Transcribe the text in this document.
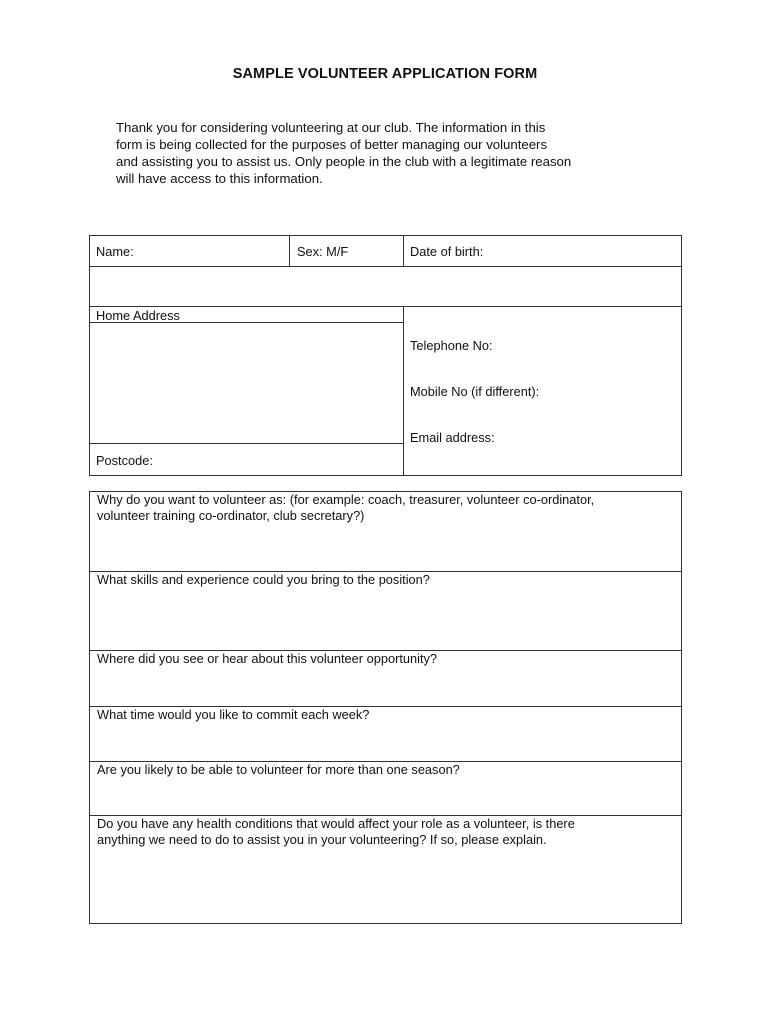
SAMPLE VOLUNTEER APPLICATION FORM
Thank you for considering volunteering at our club. The information in this
form is being collected for the purposes of better managing our volunteers
and assisting you to assist us. Only people in the club with a legitimate reason
will have access to this information.
Name:	Sex: M/F	Date of birth:
Home Address
Postcode:
Telephone No:
Mobile No (if different):
Email address:
Why do you want to volunteer as: (for example: coach, treasurer, volunteer co-ordinator,
volunteer training co-ordinator, club secretary?)
What skills and experience could you bring to the position?
Where did you see or hear about this volunteer opportunity?
What time would you like to commit each week?
Are you likely to be able to volunteer for more than one season?
Do you have any health conditions that would affect your role as a volunteer, is there
anything we need to do to assist you in your volunteering? If so, please explain.
